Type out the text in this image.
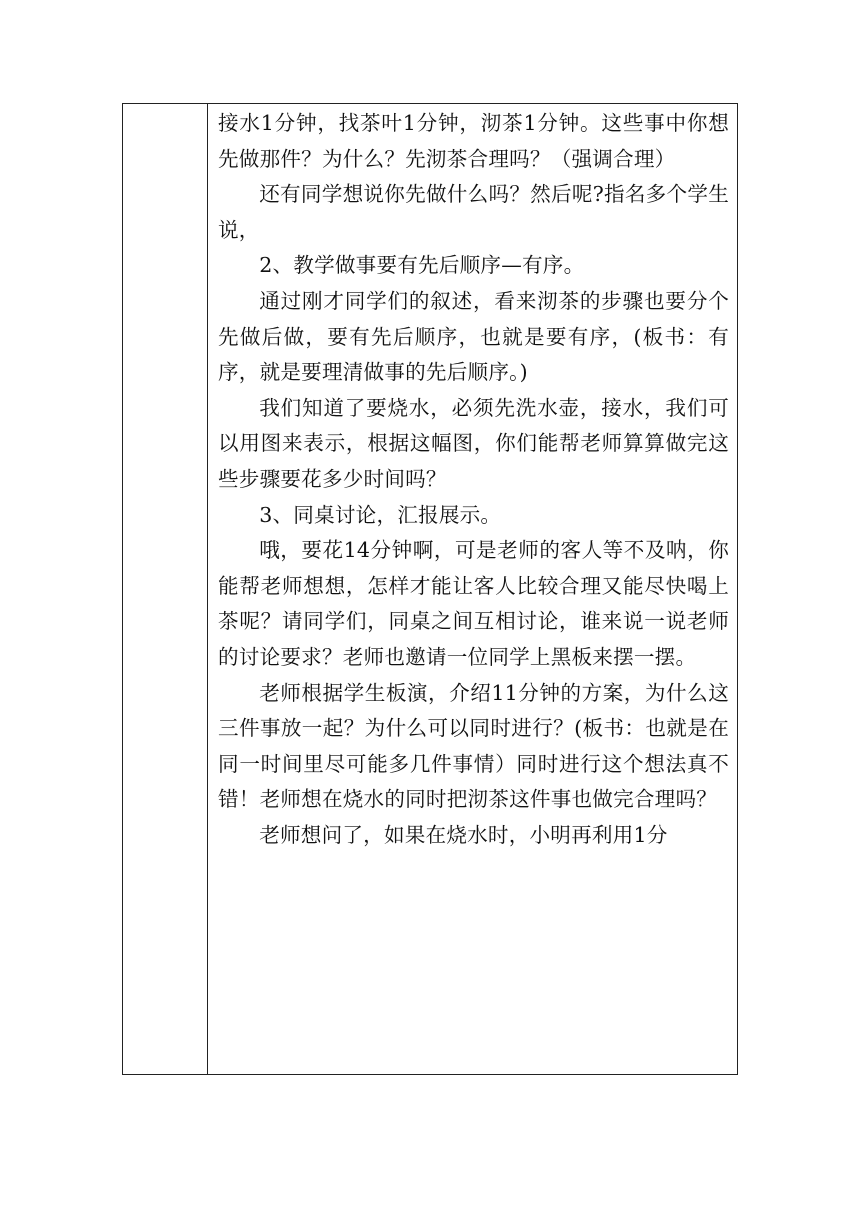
接水1分钟，找茶叶1分钟，沏茶1分钟。这些事中你想先做那件？为什么？先沏茶合理吗？（强调合理）

还有同学想说你先做什么吗？然后呢?指名多个学生说，

2、教学做事要有先后顺序—有序。

通过刚才同学们的叙述，看来沏茶的步骤也要分个先做后做，要有先后顺序，也就是要有序，(板书：有序，就是要理清做事的先后顺序。)

我们知道了要烧水，必须先洗水壶，接水，我们可以用图来表示，根据这幅图，你们能帮老师算算做完这些步骤要花多少时间吗？

3、同桌讨论，汇报展示。

哦，要花14分钟啊，可是老师的客人等不及呐，你能帮老师想想，怎样才能让客人比较合理又能尽快喝上茶呢？请同学们，同桌之间互相讨论，谁来说一说老师的讨论要求？老师也邀请一位同学上黑板来摆一摆。

老师根据学生板演，介绍11分钟的方案，为什么这三件事放一起？为什么可以同时进行？(板书：也就是在同一时间里尽可能多几件事情）同时进行这个想法真不错！老师想在烧水的同时把沏茶这件事也做完合理吗？

老师想问了，如果在烧水时，小明再利用1分
